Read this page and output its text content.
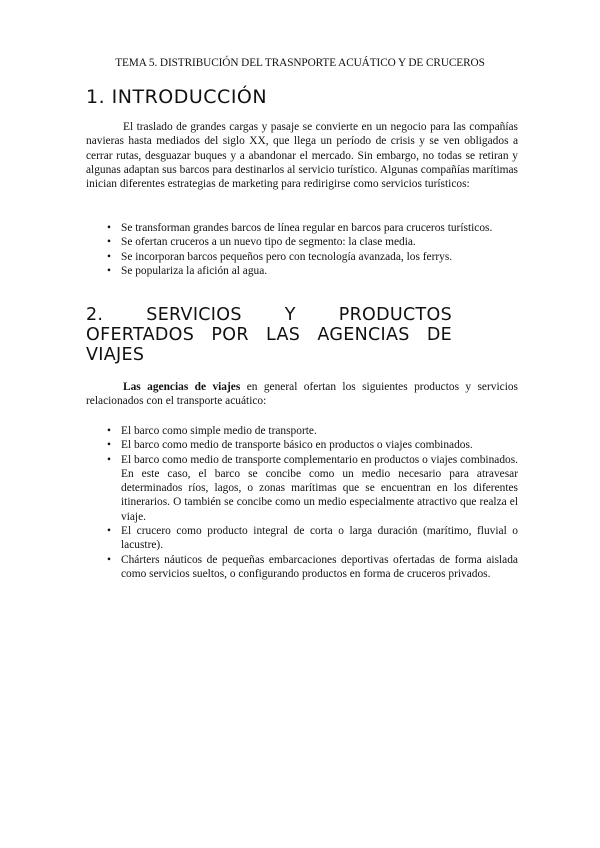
TEMA 5. DISTRIBUCIÓN DEL TRASNPORTE ACUÁTICO Y DE CRUCEROS
1. INTRODUCCIÓN

El traslado de grandes cargas y pasaje se convierte en un negocio para las compañías navieras hasta mediados del siglo XX, que llega un período de crisis y se ven obligados a cerrar rutas, desguazar buques y a abandonar el mercado. Sin embargo, no todas se retiran y algunas adaptan sus barcos para destinarlos al servicio turístico. Algunas compañías marítimas inician diferentes estrategias de marketing para redirigirse como servicios turísticos:

• Se transforman grandes barcos de línea regular en barcos para cruceros turísticos.
• Se ofertan cruceros a un nuevo tipo de segmento: la clase media.
• Se incorporan barcos pequeños pero con tecnología avanzada, los ferrys.
• Se populariza la afición al agua.
2. SERVICIOS Y PRODUCTOS
OFERTADOS POR LAS AGENCIAS DE
VIAJES

Las agencias de viajes en general ofertan los siguientes productos y servicios relacionados con el transporte acuático:

• El barco como simple medio de transporte.
• El barco como medio de transporte básico en productos o viajes combinados.
• El barco como medio de transporte complementario en productos o viajes combinados. En este caso, el barco se concibe como un medio necesario para atravesar determinados ríos, lagos, o zonas marítimas que se encuentran en los diferentes itinerarios. O también se concibe como un medio especialmente atractivo que realza el viaje.
• El crucero como producto integral de corta o larga duración (marítimo, fluvial o lacustre).
• Chárters náuticos de pequeñas embarcaciones deportivas ofertadas de forma aislada como servicios sueltos, o configurando productos en forma de cruceros privados.
